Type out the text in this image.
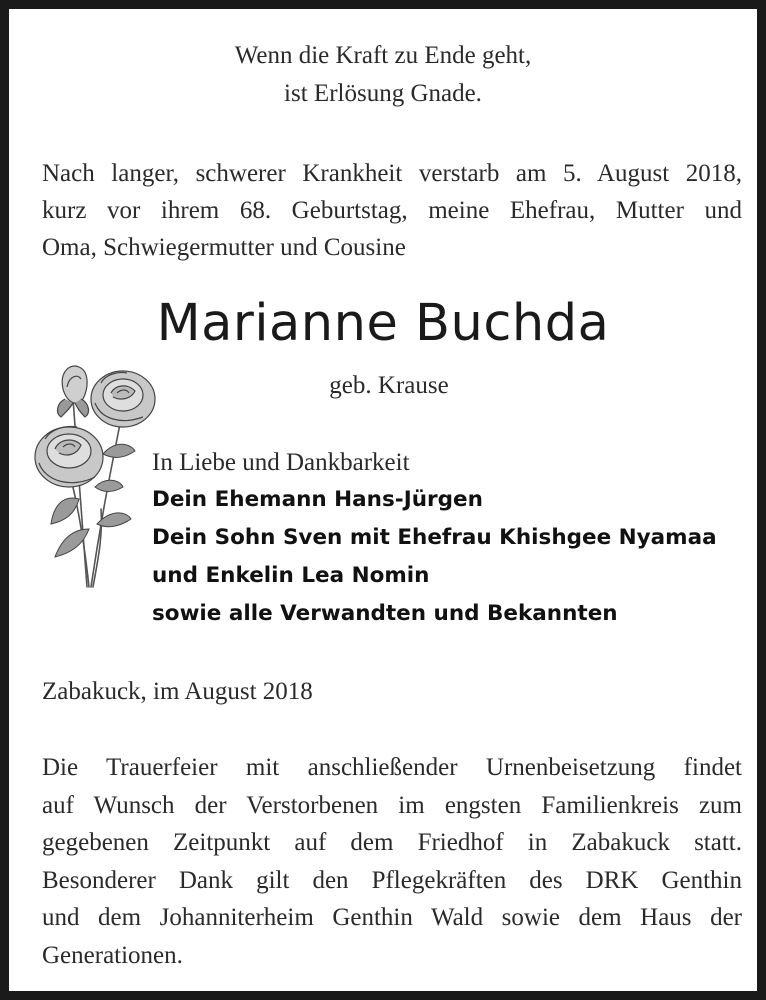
Wenn die Kraft zu Ende geht,
ist Erlösung Gnade.
Nach langer, schwerer Krankheit verstarb am 5. August 2018,
kurz vor ihrem 68. Geburtstag, meine Ehefrau, Mutter und
Oma, Schwiegermutter und Cousine
Marianne Buchda
geb. Krause
In Liebe und Dankbarkeit
Dein Ehemann Hans-Jürgen
Dein Sohn Sven mit Ehefrau Khishgee Nyamaa
und Enkelin Lea Nomin
sowie alle Verwandten und Bekannten
Zabakuck, im August 2018
Die Trauerfeier mit anschließender Urnenbeisetzung findet
auf Wunsch der Verstorbenen im engsten Familienkreis zum
gegebenen Zeitpunkt auf dem Friedhof in Zabakuck statt.
Besonderer Dank gilt den Pflegekräften des DRK Genthin
und dem Johanniterheim Genthin Wald sowie dem Haus der
Generationen.
